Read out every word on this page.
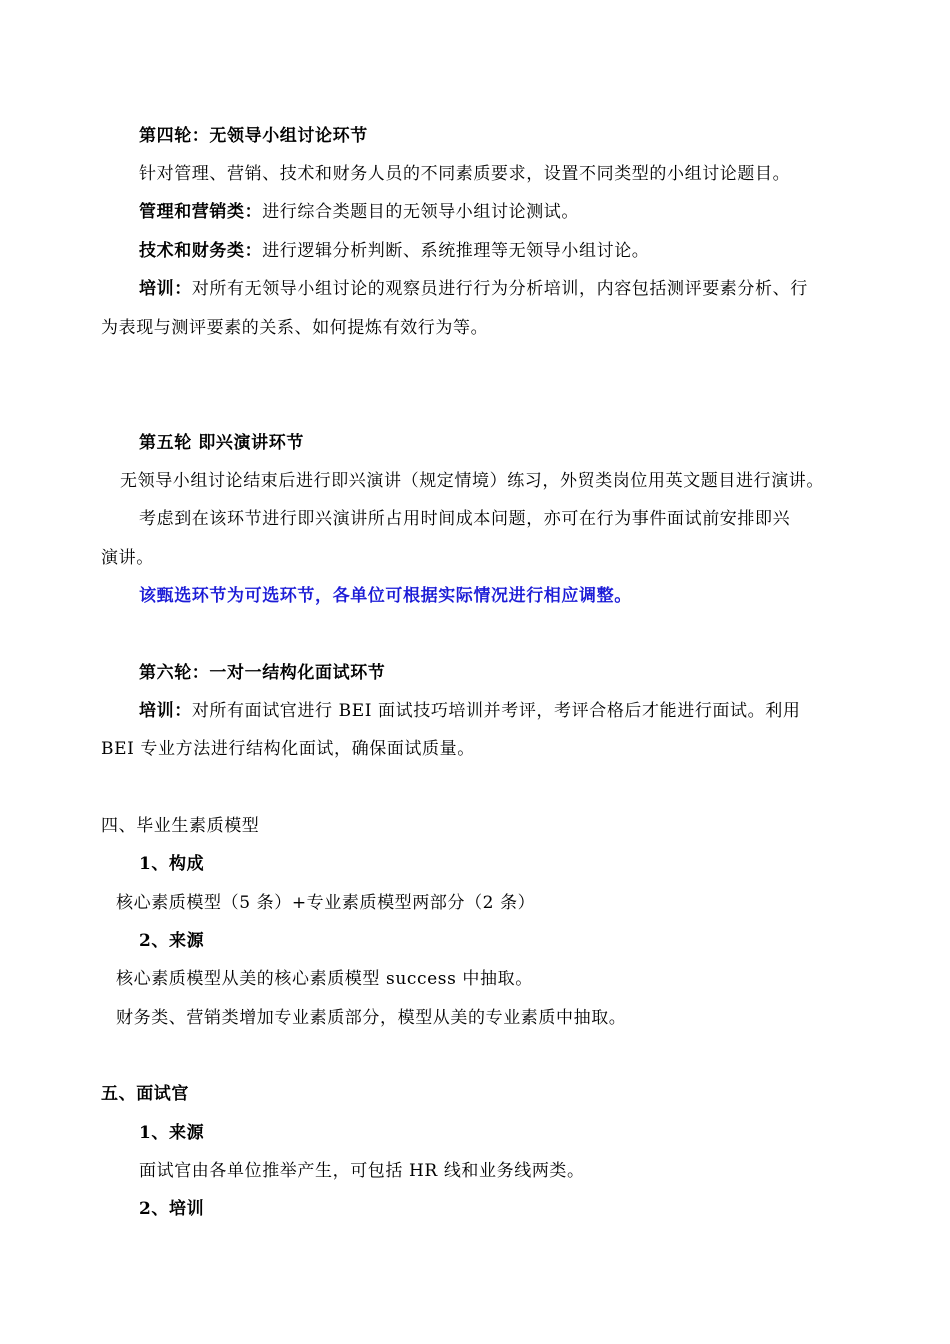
第四轮：无领导小组讨论环节

针对管理、营销、技术和财务人员的不同素质要求，设置不同类型的小组讨论题目。

管理和营销类：进行综合类题目的无领导小组讨论测试。

技术和财务类：进行逻辑分析判断、系统推理等无领导小组讨论。

培训：对所有无领导小组讨论的观察员进行行为分析培训，内容包括测评要素分析、行

为表现与测评要素的关系、如何提炼有效行为等。

第五轮 即兴演讲环节

无领导小组讨论结束后进行即兴演讲（规定情境）练习，外贸类岗位用英文题目进行演讲。

考虑到在该环节进行即兴演讲所占用时间成本问题，亦可在行为事件面试前安排即兴

演讲。

该甄选环节为可选环节，各单位可根据实际情况进行相应调整。

第六轮：一对一结构化面试环节

培训：对所有面试官进行 BEI 面试技巧培训并考评，考评合格后才能进行面试。利用

BEI 专业方法进行结构化面试，确保面试质量。

四、毕业生素质模型

1、构成

核心素质模型（5 条）+专业素质模型两部分（2 条）

2、来源

核心素质模型从美的核心素质模型 success 中抽取。

财务类、营销类增加专业素质部分，模型从美的专业素质中抽取。

五、面试官

1、来源

面试官由各单位推举产生，可包括 HR 线和业务线两类。

2、培训
